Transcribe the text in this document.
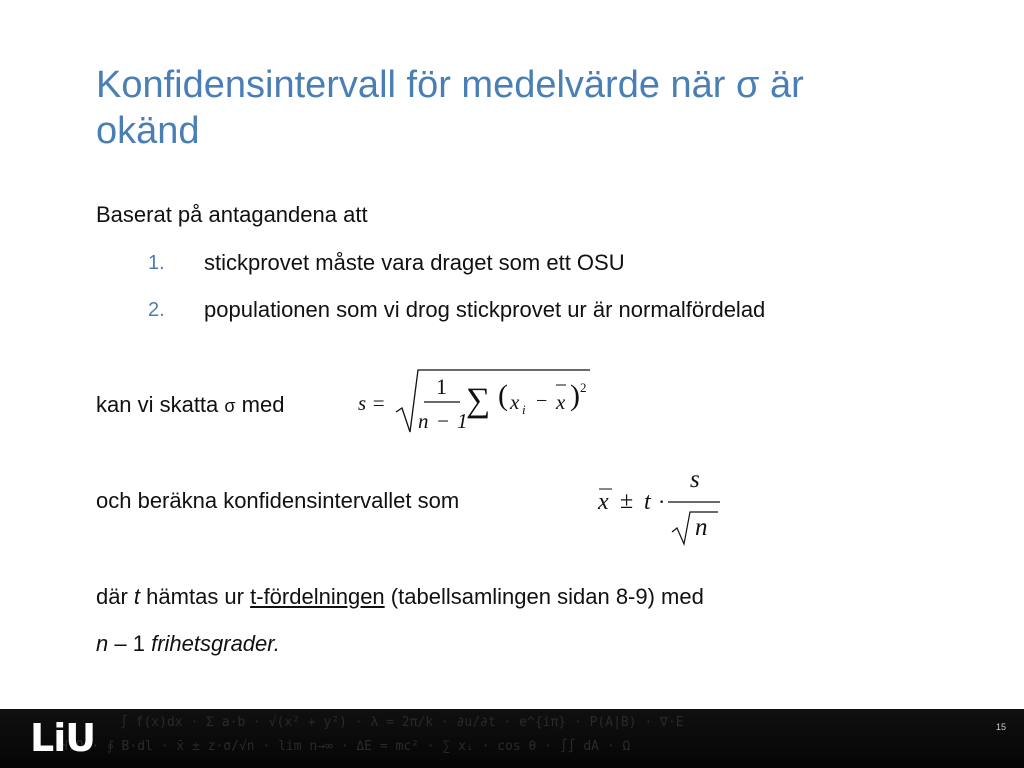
Konfidensintervall för medelvärde när σ är okänd
Baserat på antagandena att
1. stickprovet måste vara draget som ett OSU
2. populationen som vi drog stickprovet ur är normalfördelad
kan vi skatta σ med	s =
1
n − 1
∑ ( x i − x ) 2
och beräkna konfidensintervallet som	x ± t ·
s
n
där t hämtas ur t-fördelningen (tabellsamlingen sidan 8-9) med
n – 1 frihetsgrader.
∫ f(x)dx · Σ a·b · √(x² + y²) · λ = 2π/k · ∂u/∂t · e^{iπ} · P(A|B) · ∇·E
H₂O · ∮ B·dl · x̄ ± z·σ/√n · lim n→∞ · ΔE = mc² · ∑ xᵢ · cos θ · ∫∫ dA · Ω
LiU	15
